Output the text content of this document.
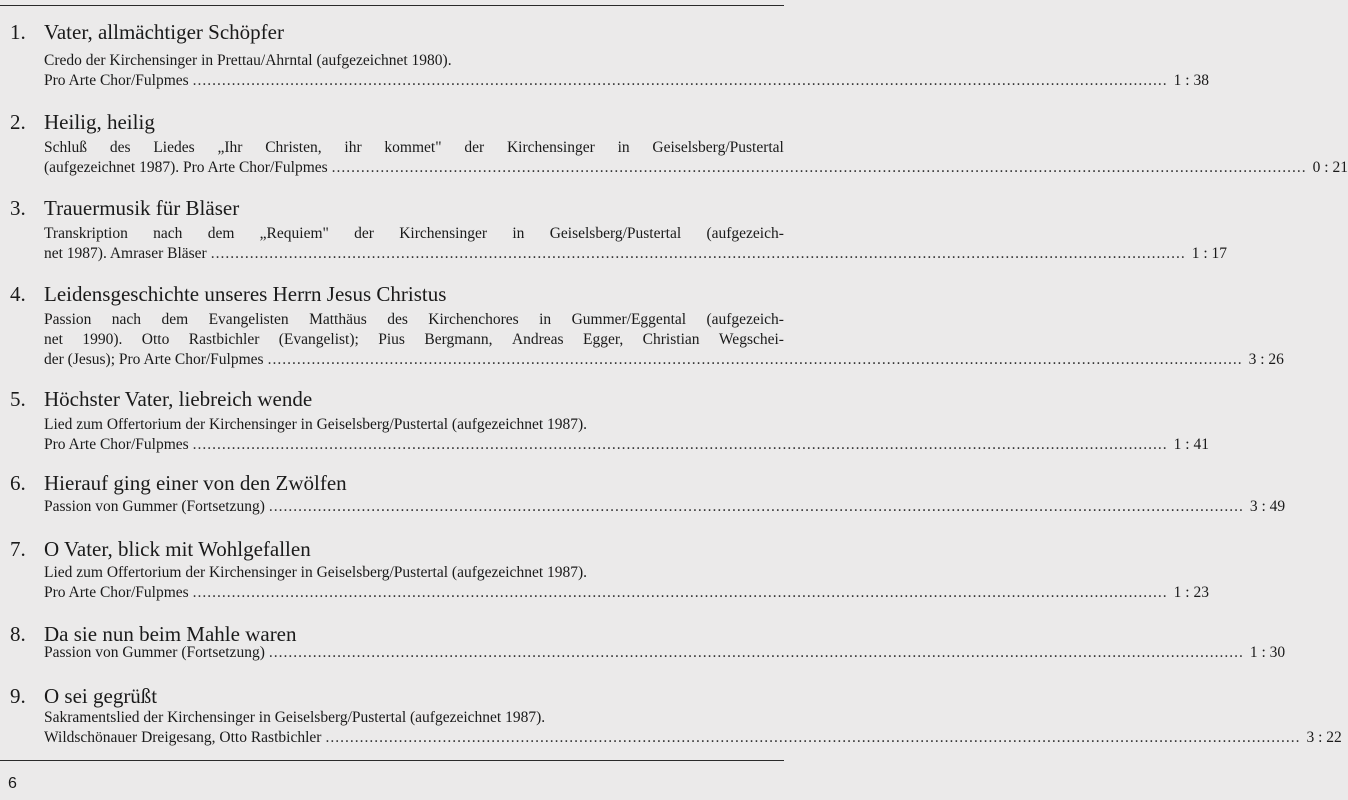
1. Vater, allmächtiger Schöpfer
Credo der Kirchensinger in Prettau/Ahrntal (aufgezeichnet 1980).
Pro Arte Chor/Fulpmes ........................................................................................................................................................................................................ 1 : 38
2. Heilig, heilig
Schluß des Liedes „Ihr Christen, ihr kommet" der Kirchensinger in Geiselsberg/Pustertal
(aufgezeichnet 1987). Pro Arte Chor/Fulpmes ........................................................................................................................................................................................................ 0 : 21
3. Trauermusik für Bläser
Transkription nach dem „Requiem" der Kirchensinger in Geiselsberg/Pustertal (aufgezeich-
net 1987). Amraser Bläser ........................................................................................................................................................................................................ 1 : 17
4. Leidensgeschichte unseres Herrn Jesus Christus
Passion nach dem Evangelisten Matthäus des Kirchenchores in Gummer/Eggental (aufgezeich-
net 1990). Otto Rastbichler (Evangelist); Pius Bergmann, Andreas Egger, Christian Wegschei-
der (Jesus); Pro Arte Chor/Fulpmes ........................................................................................................................................................................................................ 3 : 26
5. Höchster Vater, liebreich wende
Lied zum Offertorium der Kirchensinger in Geiselsberg/Pustertal (aufgezeichnet 1987).
Pro Arte Chor/Fulpmes ........................................................................................................................................................................................................ 1 : 41
6. Hierauf ging einer von den Zwölfen
Passion von Gummer (Fortsetzung) ........................................................................................................................................................................................................ 3 : 49
7. O Vater, blick mit Wohlgefallen
Lied zum Offertorium der Kirchensinger in Geiselsberg/Pustertal (aufgezeichnet 1987).
Pro Arte Chor/Fulpmes ........................................................................................................................................................................................................ 1 : 23
8. Da sie nun beim Mahle waren
Passion von Gummer (Fortsetzung) ........................................................................................................................................................................................................ 1 : 30
9. O sei gegrüßt
Sakramentslied der Kirchensinger in Geiselsberg/Pustertal (aufgezeichnet 1987).
Wildschönauer Dreigesang, Otto Rastbichler ........................................................................................................................................................................................................ 3 : 22
6
